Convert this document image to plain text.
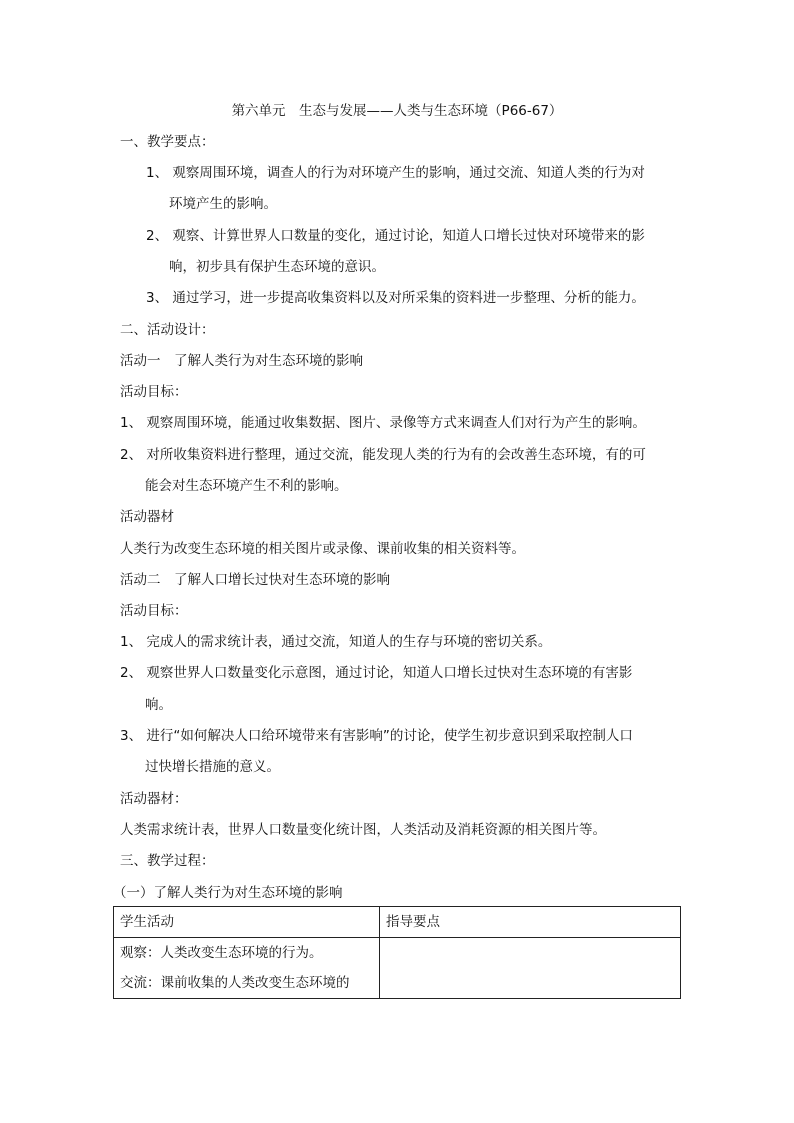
第六单元　生态与发展——人类与生态环境（P66-67）
一、教学要点：
1、 观察周围环境，调查人的行为对环境产生的影响，通过交流、知道人类的行为对
环境产生的影响。
2、 观察、计算世界人口数量的变化，通过讨论，知道人口增长过快对环境带来的影
响，初步具有保护生态环境的意识。
3、 通过学习，进一步提高收集资料以及对所采集的资料进一步整理、分析的能力。
二、活动设计：
活动一　了解人类行为对生态环境的影响
活动目标：
1、 观察周围环境，能通过收集数据、图片、录像等方式来调查人们对行为产生的影响。
2、 对所收集资料进行整理，通过交流，能发现人类的行为有的会改善生态环境，有的可
能会对生态环境产生不利的影响。
活动器材
人类行为改变生态环境的相关图片或录像、课前收集的相关资料等。
活动二　了解人口增长过快对生态环境的影响
活动目标：
1、 完成人的需求统计表，通过交流，知道人的生存与环境的密切关系。
2、 观察世界人口数量变化示意图，通过讨论，知道人口增长过快对生态环境的有害影
响。
3、 进行“如何解决人口给环境带来有害影响”的讨论，使学生初步意识到采取控制人口
过快增长措施的意义。
活动器材：
人类需求统计表，世界人口数量变化统计图，人类活动及消耗资源的相关图片等。
三、教学过程：
（一）了解人类行为对生态环境的影响
学生活动	指导要点

观察：人类改变生态环境的行为。
交流：课前收集的人类改变生态环境的	
